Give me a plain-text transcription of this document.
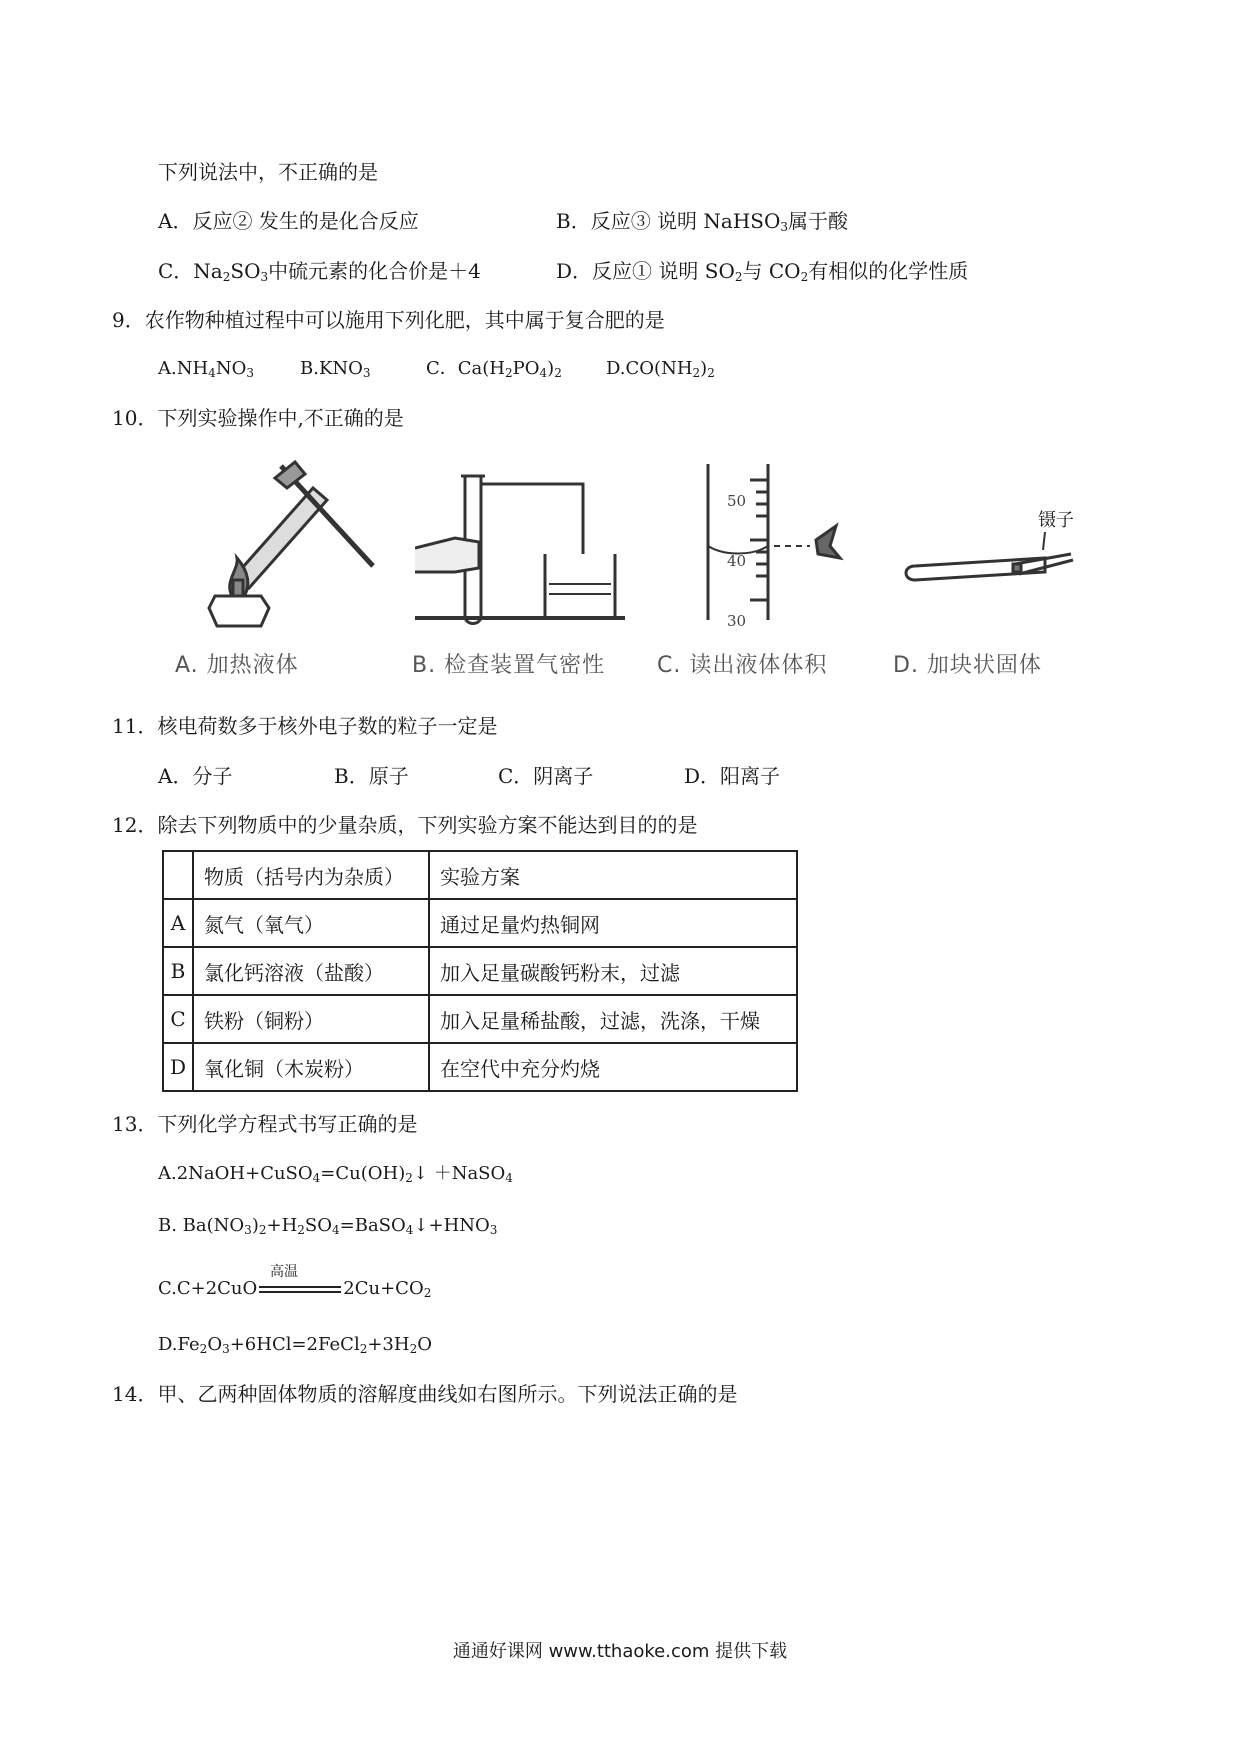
下列说法中，不正确的是
A．反应② 发生的是化合反应	B．反应③ 说明 NaHSO$_3$属于酸
C．$Na_2SO_3$中硫元素的化合价是＋4	D．反应① 说明 $SO_2$与 $CO_2$有相似的化学性质
9．农作物种植过程中可以施用下列化肥，其中属于复合肥的是
$A.NH_4NO_3$	$B.KNO_3$	C．$Ca(H_2PO_4)_2$ $D.CO(NH_2)_2$
10．下列实验操作中,不正确的是
A. 加热液体	B. 检查装置气密性
50
40
30
C. 读出液体体积
镊子
D. 加块状固体
11．核电荷数多于核外电子数的粒子一定是
A．分子	B．原子	C．阴离子	D．阳离子
12．除去下列物质中的少量杂质，下列实验方案不能达到目的的是
	物质（括号内为杂质）	实验方案
A	氮气（氧气）	通过足量灼热铜网
B	氯化钙溶液（盐酸）	加入足量碳酸钙粉末，过滤
C	铁粉（铜粉）	加入足量稀盐酸，过滤，洗涤，干燥
D	氧化铜（木炭粉）	在空代中充分灼烧
13．下列化学方程式书写正确的是
$A.2NaOH+CuSO_4=Cu(OH)_2↓$ ＋NaSO$_4$
B. $Ba(NO_3)_2+H_2SO_4=BaSO_4↓+HNO_3$
C.C+2CuO	$2Cu+CO_2$
高温
$D.Fe_2O_3+6HCl=2FeCl_2+3H_2O$
14．甲、乙两种固体物质的溶解度曲线如右图所示。下列说法正确的是
通通好课网 www.tthaoke.com 提供下载
